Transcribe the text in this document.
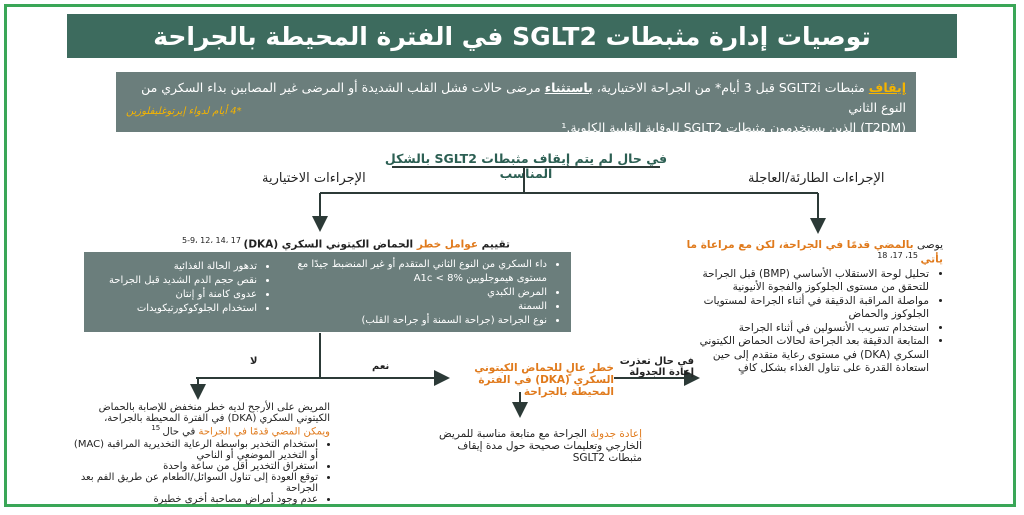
توصيات إدارة مثبطات SGLT2 في الفترة المحيطة بالجراحة
إيقاف مثبطات SGLT2i قبل 3 أيام* من الجراحة الاختيارية، باستثناء مرضى حالات فشل القلب الشديدة أو المرضى غير المصابين بداء السكري من النوع الثاني
(T2DM) الذين يستخدمون مثبطات SGLT2 للوقاية القلبية الكلوية.¹
*4 أيام لدواء إيرتوغليفلوزين
في حال لم يتم إيقاف مثبطات SGLT2 بالشكل المناسب
الإجراءات الاختيارية	الإجراءات الطارئة/العاجلة
تقييم عوامل خطر الحماض الكيتوني السكري (DKA) $^{5-9، 12، 14، 17}$
• داء السكري من النوع الثاني المتقدم أو غير المنضبط جيدًا مع مستوى هيموجلوبين A1c < 8%
• المرض الكبدي
• السمنة
• نوع الجراحة (جراحة السمنة أو جراحة القلب)
• تدهور الحالة الغذائية
• نقص حجم الدم الشديد قبل الجراحة
• عدوى كامنة أو إنتان
• استخدام الجلوكوكورتيكويدات
يوصى بالمضي قدمًا في الجراحة، لكن مع مراعاة ما يأتي $^{15، 17، 18}$
• تحليل لوحة الاستقلاب الأساسي (BMP) قبل الجراحة للتحقق من مستوى الجلوكوز والفجوة الأنيونية
• مواصلة المراقبة الدقيقة في أثناء الجراحة لمستويات الجلوكوز والحماض
• استخدام تسريب الأنسولين في أثناء الجراحة
• المتابعة الدقيقة بعد الجراحة لحالات الحماض الكيتوني السكري (DKA) في مستوى رعاية متقدم إلى حين استعادة القدرة على تناول الغذاء بشكل كافٍ
لا	نعم	خطر عالٍ للحماض الكيتوني السكري (DKA) في الفترة المحيطة بالجراحة
في حال تعذرت إعادة الجدولة
المريض على الأرجح لديه خطر منخفض للإصابة بالحماض الكيتوني السكري (DKA) في الفترة المحيطة بالجراحة،
ويمكن المضي قدمًا في الجراحة في حال $^{15}$
• استخدام التخدير بواسطة الرعاية التخديرية المراقبة (MAC) أو التخدير الموضعي أو الناحي
• استغراق التخدير أقل من ساعة واحدة
• توقع العودة إلى تناول السوائل/الطعام عن طريق الفم بعد الجراحة
• عدم وجود أمراض مصاحبة أخرى خطيرة
إعادة جدولة الجراحة مع متابعة مناسبة للمريض الخارجي وتعليمات صحيحة حول مدة إيقاف مثبطات SGLT2
